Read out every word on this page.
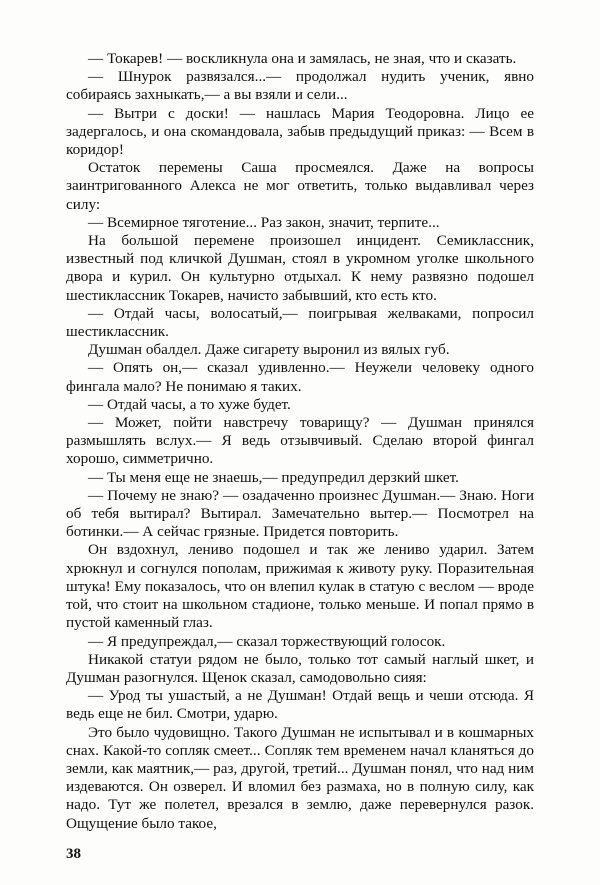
— Токарев! — воскликнула она и замялась, не зная, что и сказать.

— Шнурок развязался...— продолжал нудить ученик, явно собираясь захныкать,— а вы взяли и сели...

— Вытри с доски! — нашлась Мария Теодоровна. Лицо ее задергалось, и она скомандовала, забыв предыдущий приказ: — Всем в коридор!

Остаток перемены Саша просмеялся. Даже на вопросы заинтригованного Алекса не мог ответить, только выдавливал через силу:

— Всемирное тяготение... Раз закон, значит, терпите...

На большой перемене произошел инцидент. Семиклассник, известный под кличкой Душман, стоял в укромном уголке школьного двора и курил. Он культурно отдыхал. К нему развязно подошел шестиклассник Токарев, начисто забывший, кто есть кто.

— Отдай часы, волосатый,— поигрывая желваками, попросил шестиклассник.

Душман обалдел. Даже сигарету выронил из вялых губ.

— Опять он,— сказал удивленно.— Неужели человеку одного фингала мало? Не понимаю я таких.

— Отдай часы, а то хуже будет.

— Может, пойти навстречу товарищу? — Душман принялся размышлять вслух.— Я ведь отзывчивый. Сделаю второй фингал хорошо, симметрично.

— Ты меня еще не знаешь,— предупредил дерзкий шкет.

— Почему не знаю? — озадаченно произнес Душман.— Знаю. Ноги об тебя вытирал? Вытирал. Замечательно вытер.— Посмотрел на ботинки.— А сейчас грязные. Придется повторить.

Он вздохнул, лениво подошел и так же лениво ударил. Затем хрюкнул и согнулся пополам, прижимая к животу руку. Поразительная штука! Ему показалось, что он влепил кулак в статую с веслом — вроде той, что стоит на школьном стадионе, только меньше. И попал прямо в пустой каменный глаз.

— Я предупреждал,— сказал торжествующий голосок.

Никакой статуи рядом не было, только тот самый наглый шкет, и Душман разогнулся. Щенок сказал, самодовольно сияя:

— Урод ты ушастый, а не Душман! Отдай вещь и чеши отсюда. Я ведь еще не бил. Смотри, ударю.

Это было чудовищно. Такого Душман не испытывал и в кошмарных снах. Какой-то сопляк смеет... Сопляк тем временем начал кланяться до земли, как маятник,— раз, другой, третий... Душман понял, что над ним издеваются. Он озверел. И вломил без размаха, но в полную силу, как надо. Тут же полетел, врезался в землю, даже перевернулся разок. Ощущение было такое,

38
